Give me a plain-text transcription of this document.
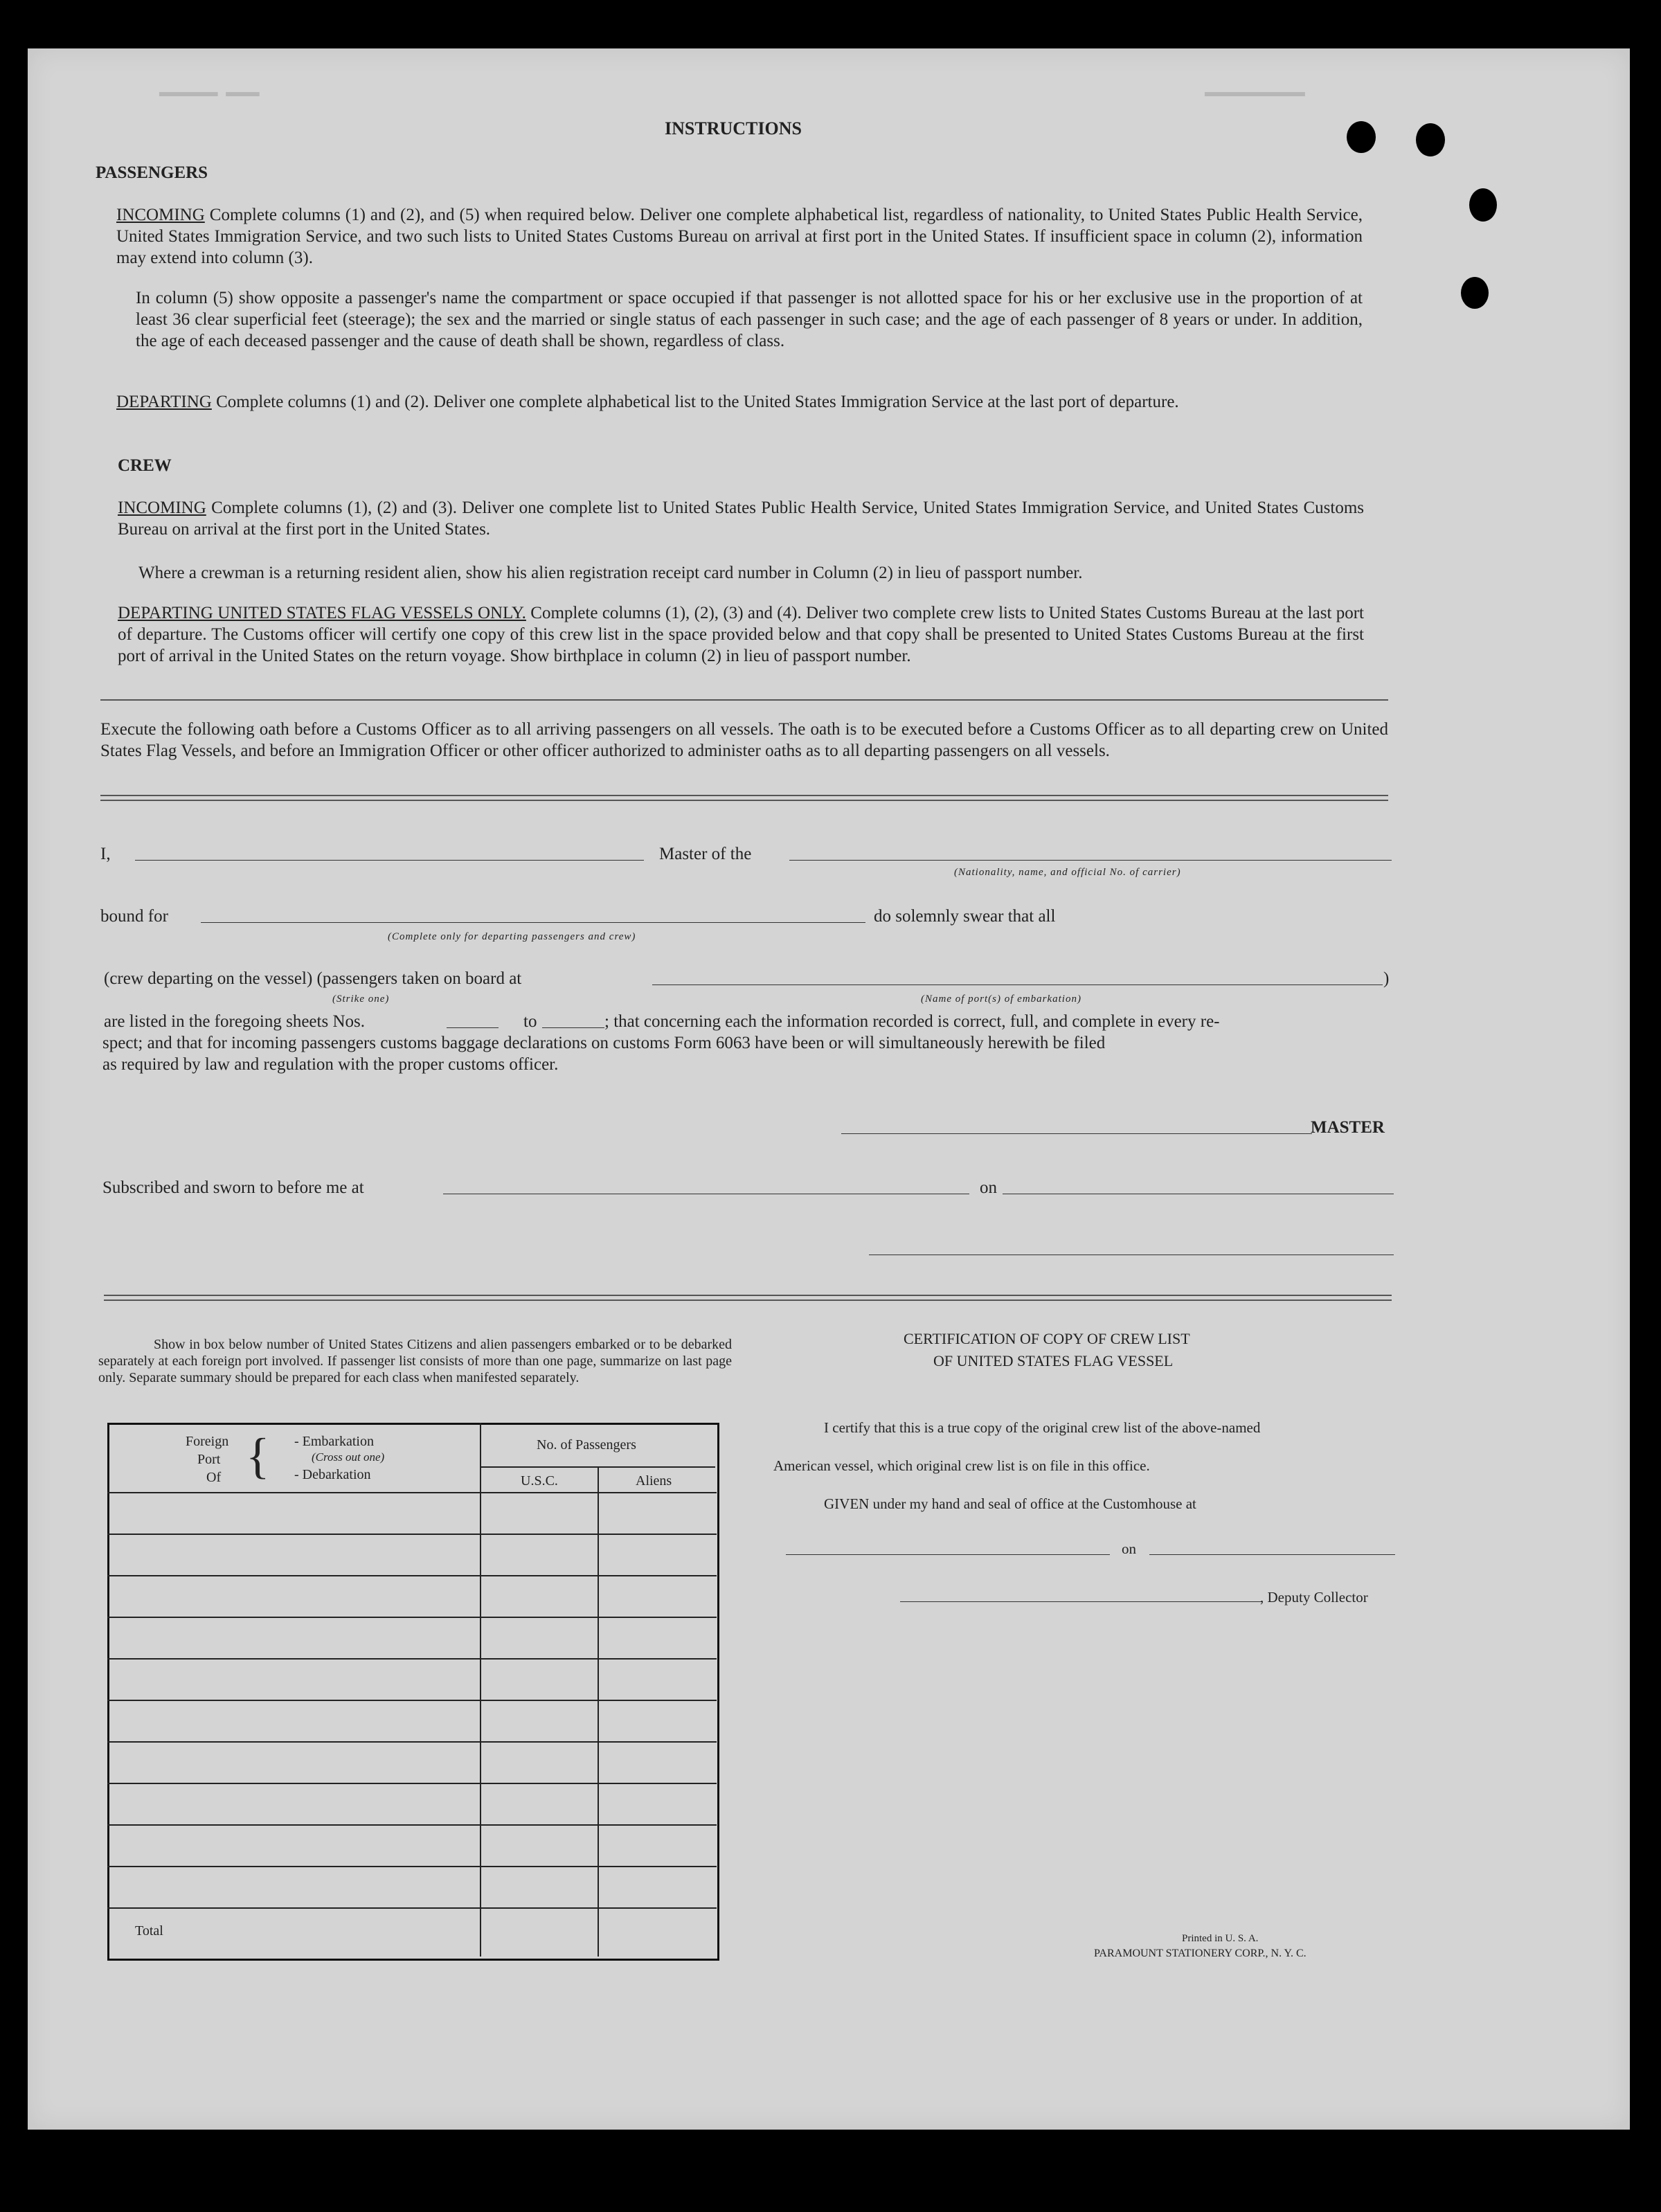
▂▂▂▂▂▂▂ ▂▂▂▂	▂▂▂▂▂▂▂▂▂▂▂▂
INSTRUCTIONS
PASSENGERS
INCOMING Complete columns (1) and (2), and (5) when required below. Deliver one complete alphabetical list, regardless of nationality, to United States Public Health Service, United States Immigration Service, and two such lists to United States Customs Bureau on arrival at first port in the United States. If insufficient space in column (2), information may extend into column (3).
In column (5) show opposite a passenger's name the compartment or space occupied if that passenger is not allotted space for his or her exclusive use in the proportion of at least 36 clear superficial feet (steerage); the sex and the married or single status of each passenger in such case; and the age of each passenger of 8 years or under. In addition, the age of each deceased passenger and the cause of death shall be shown, regardless of class.
DEPARTING Complete columns (1) and (2). Deliver one complete alphabetical list to the United States Immigration Service at the last port of departure.
CREW
INCOMING Complete columns (1), (2) and (3). Deliver one complete list to United States Public Health Service, United States Immigration Service, and United States Customs Bureau on arrival at the first port in the United States.
Where a crewman is a returning resident alien, show his alien registration receipt card number in Column (2) in lieu of passport number.
DEPARTING UNITED STATES FLAG VESSELS ONLY. Complete columns (1), (2), (3) and (4). Deliver two complete crew lists to United States Customs Bureau at the last port of departure. The Customs officer will certify one copy of this crew list in the space provided below and that copy shall be presented to United States Customs Bureau at the first port of arrival in the United States on the return voyage. Show birthplace in column (2) in lieu of passport number.
Execute the following oath before a Customs Officer as to all arriving passengers on all vessels. The oath is to be executed before a Customs Officer as to all departing crew on United States Flag Vessels, and before an Immigration Officer or other officer authorized to administer oaths as to all departing passengers on all vessels.
I,	Master of the
(Nationality, name, and official No. of carrier)
bound for	do solemnly swear that all
(Complete only for departing passengers and crew)
(crew departing on the vessel) (passengers taken on board at	)
(Strike one)	(Name of port(s) of embarkation)
are listed in the foregoing sheets Nos.	to	; that concerning each the information recorded is correct, full, and complete in every re-
spect; and that for incoming passengers customs baggage declarations on customs Form 6063 have been or will simultaneously herewith be filed
as required by law and regulation with the proper customs officer.
MASTER
Subscribed and sworn to before me at	on
Show in box below number of United States Citizens and alien passengers embarked or to be debarked separately at each foreign port involved. If passenger list consists of more than one page, summarize on last page only. Separate summary should be prepared for each class when manifested separately.
Foreign
Port
Of { - Embarkation
(Cross out one)
- Debarkation
No. of Passengers
U.S.C.	Aliens
Total
CERTIFICATION OF COPY OF CREW LIST
OF UNITED STATES FLAG VESSEL
I certify that this is a true copy of the original crew list of the above-named
American vessel, which original crew list is on file in this office.
GIVEN under my hand and seal of office at the Customhouse at
on
, Deputy Collector
Printed in U. S. A.
PARAMOUNT STATIONERY CORP., N. Y. C.
